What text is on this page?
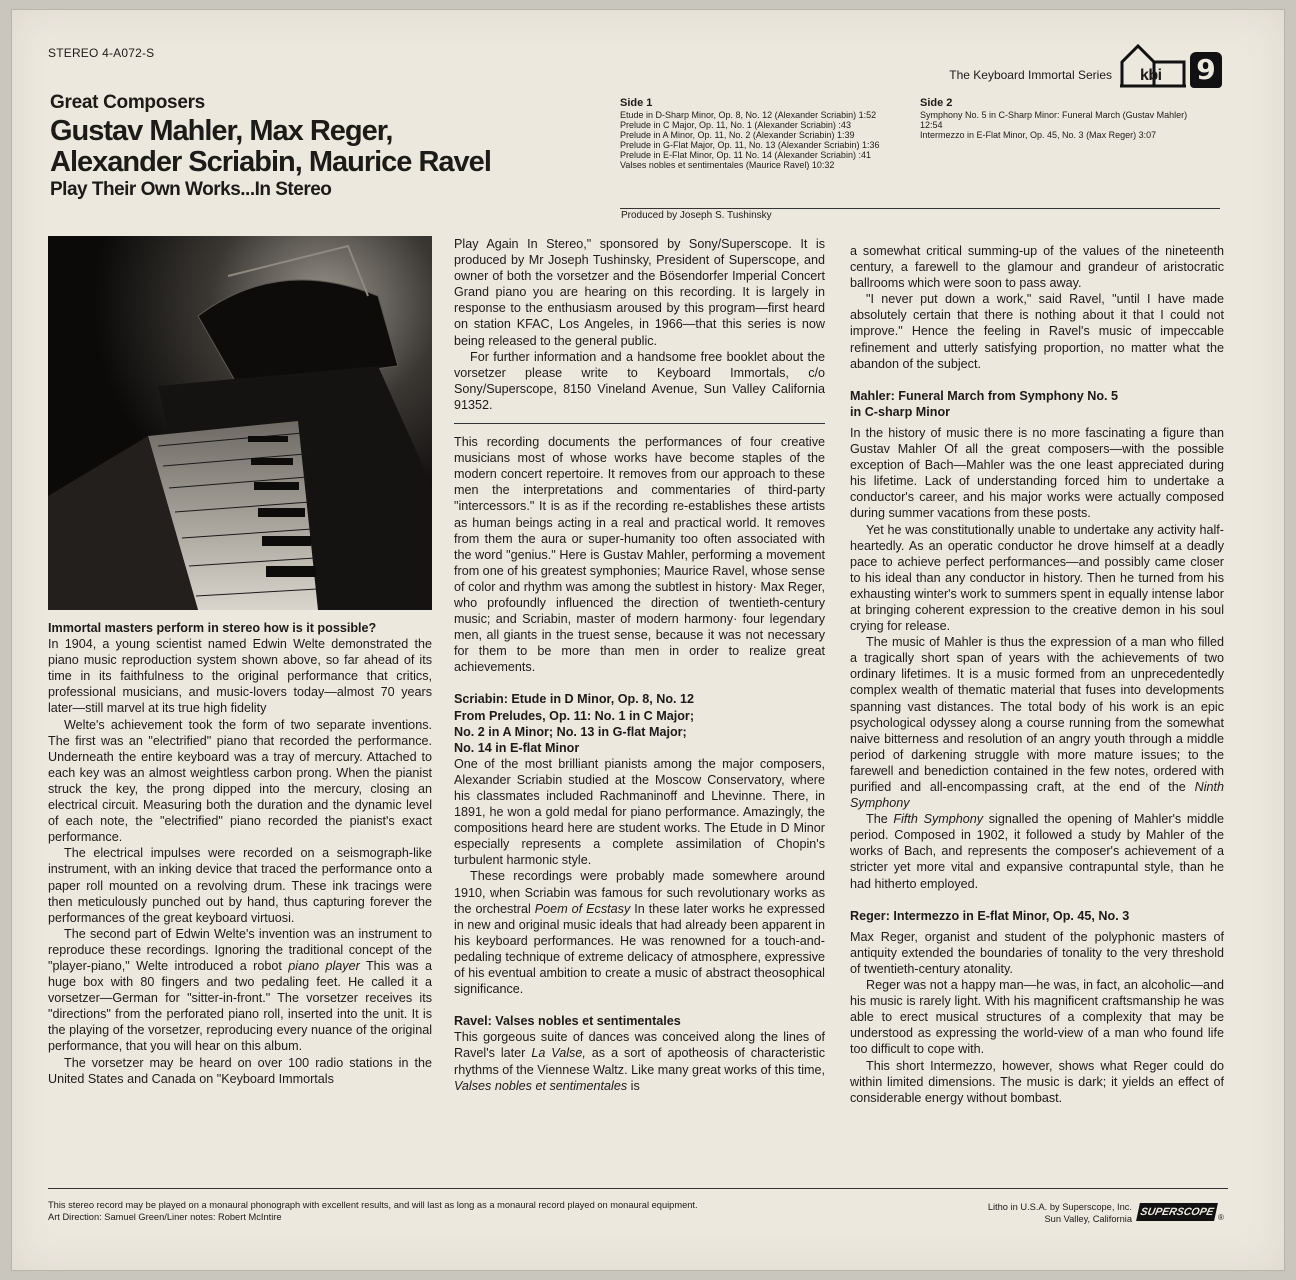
STEREO 4-A072-S
The Keyboard Immortal Series kbi 9
Great Composers
Gustav Mahler, Max Reger,
Alexander Scriabin, Maurice Ravel
Play Their Own Works...In Stereo
Side 1
Etude in D-Sharp Minor, Op. 8, No. 12 (Alexander Scriabin) 1:52
Prelude in C Major, Op. 11, No. 1 (Alexander Scriabin) :43
Prelude in A Minor, Op. 11, No. 2 (Alexander Scriabin) 1:39
Prelude in G-Flat Major, Op. 11, No. 13 (Alexander Scriabin) 1:36
Prelude in E-Flat Minor, Op. 11 No. 14 (Alexander Scriabin) :41
Valses nobles et sentimentales (Maurice Ravel) 10:32
Side 2
Symphony No. 5 in C-Sharp Minor: Funeral March (Gustav Mahler) 12:54
Intermezzo in E-Flat Minor, Op. 45, No. 3 (Max Reger) 3:07
Produced by Joseph S. Tushinsky
Immortal masters perform in stereo how is it possible?

In 1904, a young scientist named Edwin Welte demonstrated the piano music reproduction system shown above, so far ahead of its time in its faithfulness to the original performance that critics, professional musicians, and music-lovers today—almost 70 years later—still marvel at its true high fidelity

Welte's achievement took the form of two separate inventions. The first was an "electrified" piano that recorded the performance. Underneath the entire keyboard was a tray of mercury. Attached to each key was an almost weightless carbon prong. When the pianist struck the key, the prong dipped into the mercury, closing an electrical circuit. Measuring both the duration and the dynamic level of each note, the "electrified" piano recorded the pianist's exact performance.

The electrical impulses were recorded on a seismograph-like instrument, with an inking device that traced the performance onto a paper roll mounted on a revolving drum. These ink tracings were then meticulously punched out by hand, thus capturing forever the performances of the great keyboard virtuosi.

The second part of Edwin Welte's invention was an instrument to reproduce these recordings. Ignoring the traditional concept of the "player-piano," Welte introduced a robot piano player This was a huge box with 80 fingers and two pedaling feet. He called it a vorsetzer—German for "sitter-in-front." The vorsetzer receives its "directions" from the perforated piano roll, inserted into the unit. It is the playing of the vorsetzer, reproducing every nuance of the original performance, that you will hear on this album.

The vorsetzer may be heard on over 100 radio stations in the United States and Canada on "Keyboard Immortals

Play Again In Stereo," sponsored by Sony/Superscope. It is produced by Mr Joseph Tushinsky, President of Superscope, and owner of both the vorsetzer and the Bösendorfer Imperial Concert Grand piano you are hearing on this recording. It is largely in response to the enthusiasm aroused by this program—first heard on station KFAC, Los Angeles, in 1966—that this series is now being released to the general public.

For further information and a handsome free booklet about the vorsetzer please write to Keyboard Immortals, c/o Sony/Superscope, 8150 Vineland Avenue, Sun Valley California 91352.

This recording documents the performances of four creative musicians most of whose works have become staples of the modern concert repertoire. It removes from our approach to these men the interpretations and commentaries of third-party "intercessors." It is as if the recording re-establishes these artists as human beings acting in a real and practical world. It removes from them the aura or super-humanity too often associated with the word "genius." Here is Gustav Mahler, performing a movement from one of his greatest symphonies; Maurice Ravel, whose sense of color and rhythm was among the subtlest in history· Max Reger, who profoundly influenced the direction of twentieth-century music; and Scriabin, master of modern harmony· four legendary men, all giants in the truest sense, because it was not necessary for them to be more than men in order to realize great achievements.

Scriabin: Etude in D Minor, Op. 8, No. 12
From Preludes, Op. 11: No. 1 in C Major;
No. 2 in A Minor; No. 13 in G-flat Major;
No. 14 in E-flat Minor

One of the most brilliant pianists among the major composers, Alexander Scriabin studied at the Moscow Conservatory, where his classmates included Rachmaninoff and Lhevinne. There, in 1891, he won a gold medal for piano performance. Amazingly, the compositions heard here are student works. The Etude in D Minor especially represents a complete assimilation of Chopin's turbulent harmonic style.

These recordings were probably made somewhere around 1910, when Scriabin was famous for such revolutionary works as the orchestral Poem of Ecstasy In these later works he expressed in new and original music ideals that had already been apparent in his keyboard performances. He was renowned for a touch-and-pedaling technique of extreme delicacy of atmosphere, expressive of his eventual ambition to create a music of abstract theosophical significance.

Ravel: Valses nobles et sentimentales

This gorgeous suite of dances was conceived along the lines of Ravel's later La Valse, as a sort of apotheosis of characteristic rhythms of the Viennese Waltz. Like many great works of this time, Valses nobles et sentimentales is

a somewhat critical summing-up of the values of the nineteenth century, a farewell to the glamour and grandeur of aristocratic ballrooms which were soon to pass away.

"I never put down a work," said Ravel, "until I have made absolutely certain that there is nothing about it that I could not improve." Hence the feeling in Ravel's music of impeccable refinement and utterly satisfying proportion, no matter what the abandon of the subject.

Mahler: Funeral March from Symphony No. 5
in C-sharp Minor

In the history of music there is no more fascinating a figure than Gustav Mahler Of all the great composers—with the possible exception of Bach—Mahler was the one least appreciated during his lifetime. Lack of understanding forced him to undertake a conductor's career, and his major works were actually composed during summer vacations from these posts.

Yet he was constitutionally unable to undertake any activity half-heartedly. As an operatic conductor he drove himself at a deadly pace to achieve perfect performances—and possibly came closer to his ideal than any conductor in history. Then he turned from his exhausting winter's work to summers spent in equally intense labor at bringing coherent expression to the creative demon in his soul crying for release.

The music of Mahler is thus the expression of a man who filled a tragically short span of years with the achievements of two ordinary lifetimes. It is a music formed from an unprecedentedly complex wealth of thematic material that fuses into developments spanning vast distances. The total body of his work is an epic psychological odyssey along a course running from the somewhat naive bitterness and resolution of an angry youth through a middle period of darkening struggle with more mature issues; to the farewell and benediction contained in the few notes, ordered with purified and all-encompassing craft, at the end of the Ninth Symphony

The Fifth Symphony signalled the opening of Mahler's middle period. Composed in 1902, it followed a study by Mahler of the works of Bach, and represents the composer's achievement of a stricter yet more vital and expansive contrapuntal style, than he had hitherto employed.

Reger: Intermezzo in E-flat Minor, Op. 45, No. 3

Max Reger, organist and student of the polyphonic masters of antiquity extended the boundaries of tonality to the very threshold of twentieth-century atonality.

Reger was not a happy man—he was, in fact, an alcoholic—and his music is rarely light. With his magnificent craftsmanship he was able to erect musical structures of a complexity that may be understood as expressing the world-view of a man who found life too difficult to cope with.

This short Intermezzo, however, shows what Reger could do within limited dimensions. The music is dark; it yields an effect of considerable energy without bombast.

This stereo record may be played on a monaural phonograph with excellent results, and will last as long as a monaural record played on monaural equipment.
Art Direction: Samuel Green/Liner notes: Robert McIntire
Litho in U.S.A. by Superscope, Inc.
Sun Valley, California
SUPERSCOPE ®
